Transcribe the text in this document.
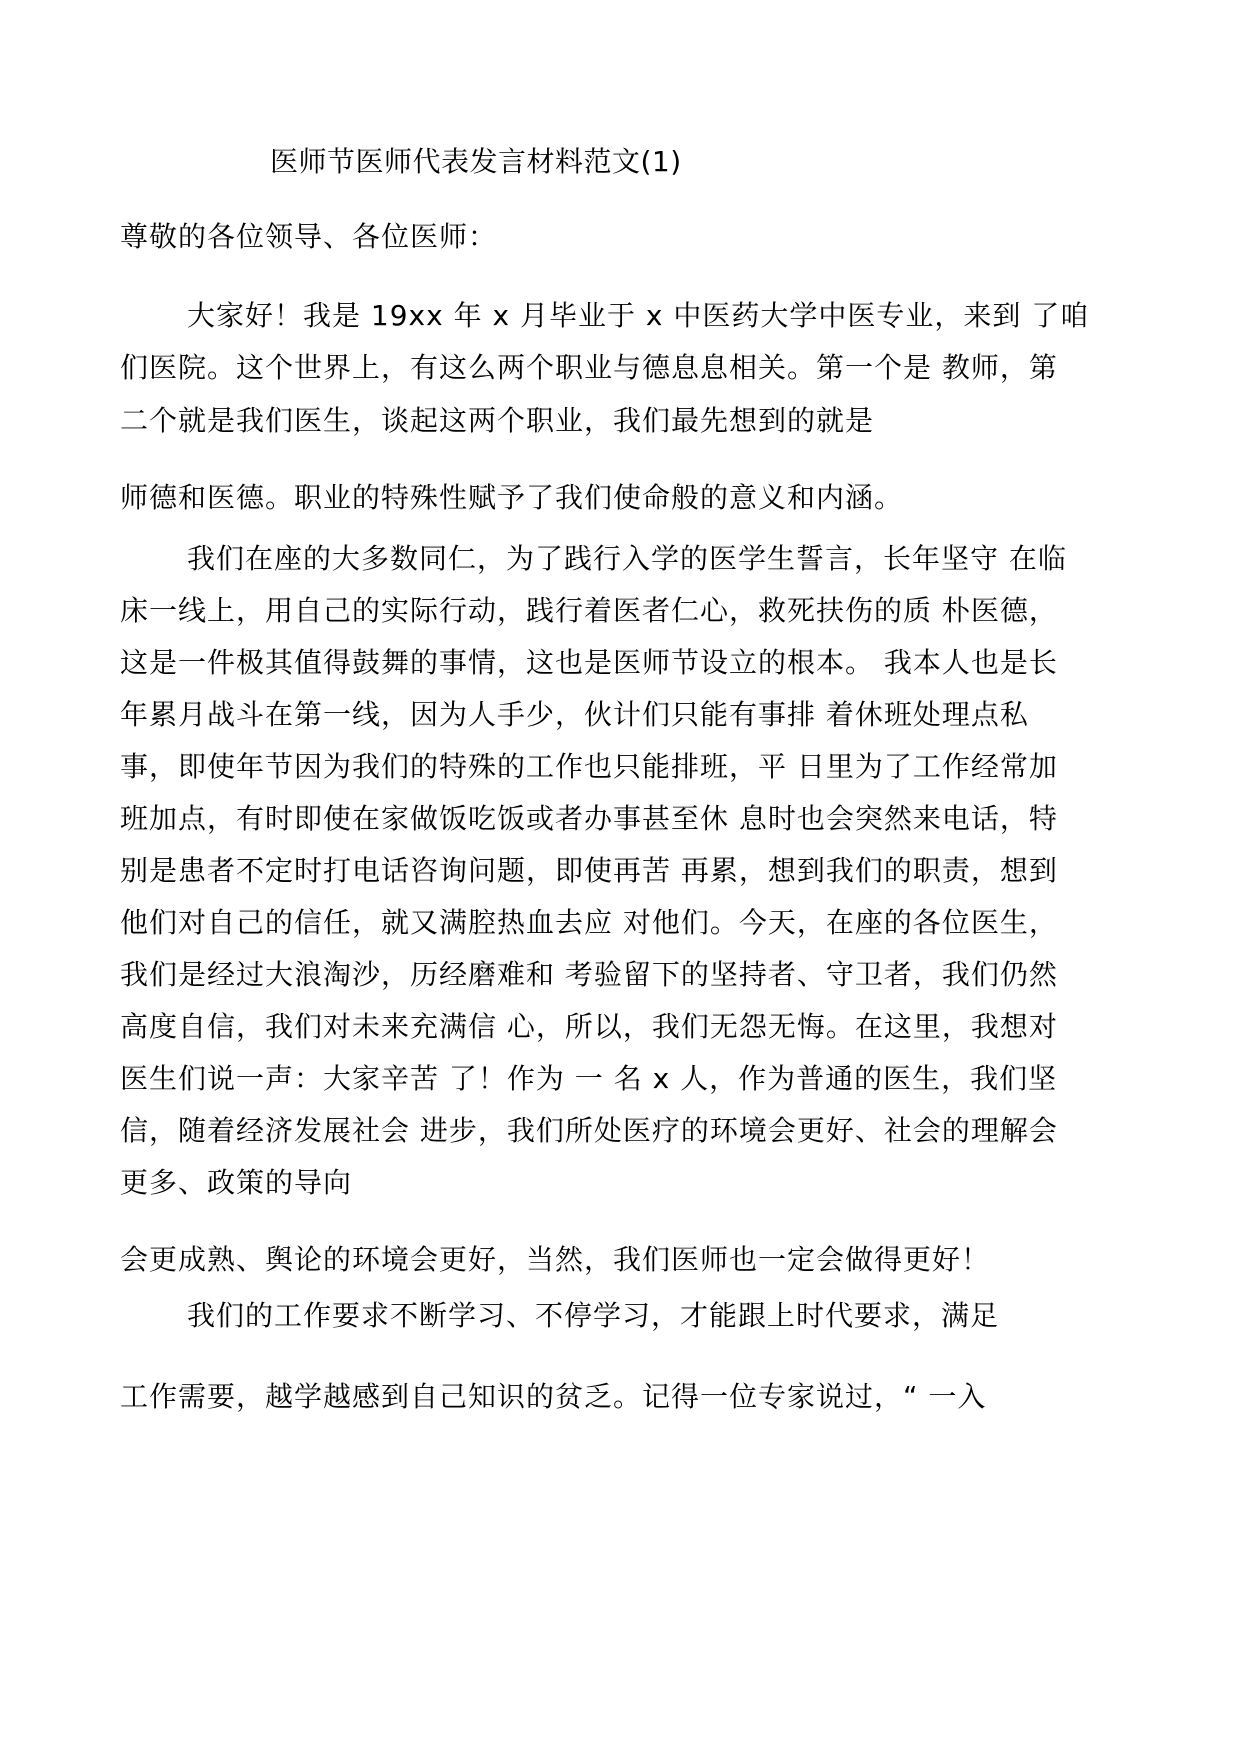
医师节医师代表发言材料范文(1)
尊敬的各位领导、各位医师：
大家好！我是 19xx 年 x 月毕业于 x 中医药大学中医专业，来到 了咱
们医院。这个世界上，有这么两个职业与德息息相关。第一个是 教师，第
二个就是我们医生，谈起这两个职业，我们最先想到的就是
师德和医德。职业的特殊性赋予了我们使命般的意义和内涵。
我们在座的大多数同仁，为了践行入学的医学生誓言，长年坚守 在临
床一线上，用自己的实际行动，践行着医者仁心，救死扶伤的质 朴医德，
这是一件极其值得鼓舞的事情，这也是医师节设立的根本。 我本人也是长
年累月战斗在第一线，因为人手少，伙计们只能有事排 着休班处理点私
事，即使年节因为我们的特殊的工作也只能排班，平 日里为了工作经常加
班加点，有时即使在家做饭吃饭或者办事甚至休 息时也会突然来电话，特
别是患者不定时打电话咨询问题，即使再苦 再累，想到我们的职责，想到
他们对自己的信任，就又满腔热血去应 对他们。今天，在座的各位医生，
我们是经过大浪淘沙，历经磨难和 考验留下的坚持者、守卫者，我们仍然
高度自信，我们对未来充满信 心，所以，我们无怨无悔。在这里，我想对
医生们说一声：大家辛苦 了！作为 一 名 x 人，作为普通的医生，我们坚
信，随着经济发展社会 进步，我们所处医疗的环境会更好、社会的理解会
更多、政策的导向
会更成熟、舆论的环境会更好，当然，我们医师也一定会做得更好！
我们的工作要求不断学习、不停学习，才能跟上时代要求，满足
工作需要，越学越感到自己知识的贫乏。记得一位专家说过，“ 一入
